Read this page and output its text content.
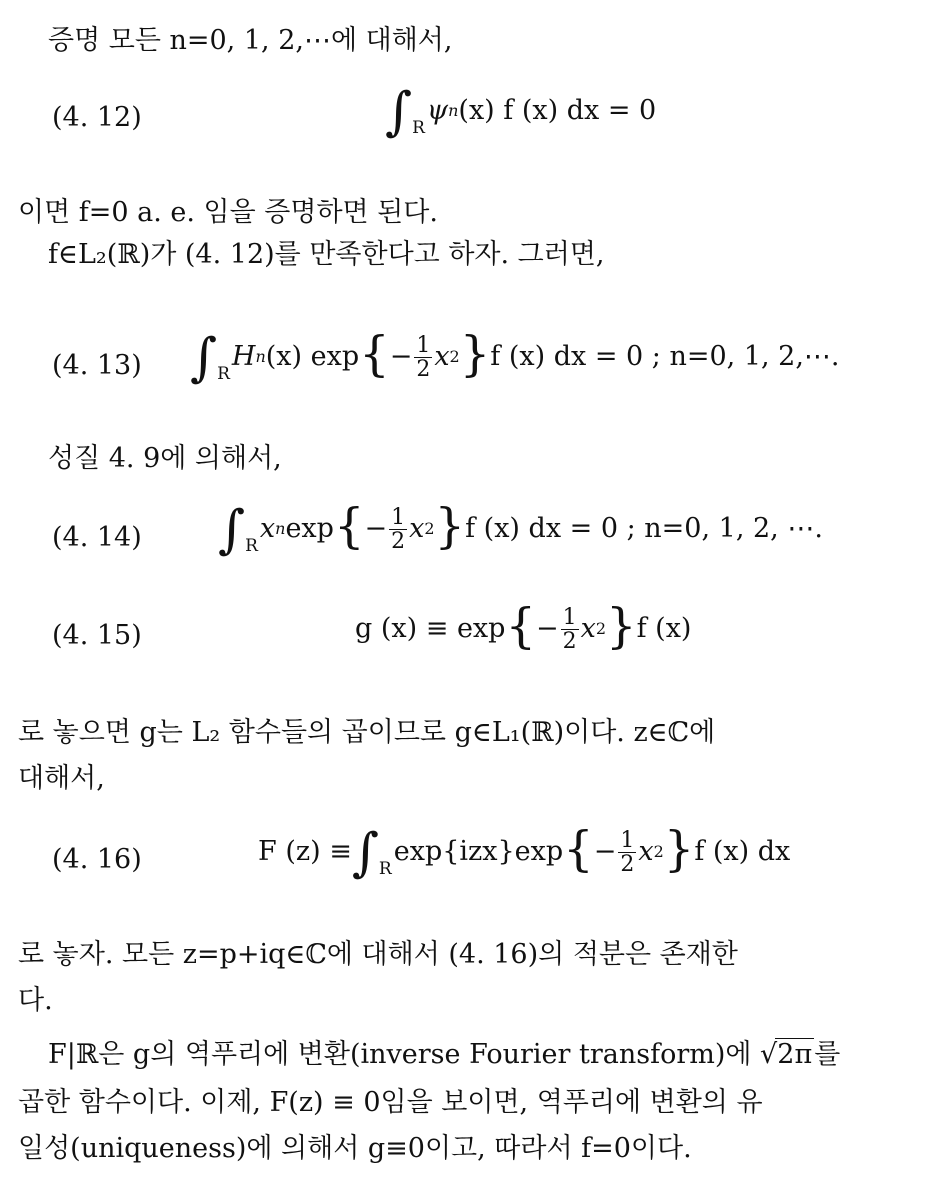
증명 모든 n=0, 1, 2,⋯에 대해서,
(4. 12)	∫ R
ψ n (x) f (x) dx = 0
이면 f=0 a. e. 임을 증명하면 된다.
f∈L₂(ℝ)가 (4. 12)를 만족한다고 하자. 그러면,
(4. 13) ∫ R
H n (x) exp { − $\frac{1}{2}$ x 2 } f (x) dx = 0 ; n=0, 1, 2,⋯.
성질 4. 9에 의해서,
(4. 14) ∫ R
x n exp { − $\frac{1}{2}$ x 2 } f (x) dx = 0 ; n=0, 1, 2, ⋯.
(4. 15)	g (x) ≡ exp { − $\frac{1}{2}$ x 2 } f (x)
로 놓으면 g는 L₂ 함수들의 곱이므로 g∈L₁(ℝ)이다. z∈ℂ에
대해서,
(4. 16)	F (z) ≡ ∫ R
exp{izx}exp { − $\frac{1}{2}$ x 2 } f (x) dx
로 놓자. 모든 z=p+iq∈ℂ에 대해서 (4. 16)의 적분은 존재한
다.
F|ℝ은 g의 역푸리에 변환(inverse Fourier transform)에 √2π를
곱한 함수이다. 이제, F(z) ≡ 0임을 보이면, 역푸리에 변환의 유
일성(uniqueness)에 의해서 g≡0이고, 따라서 f=0이다.
